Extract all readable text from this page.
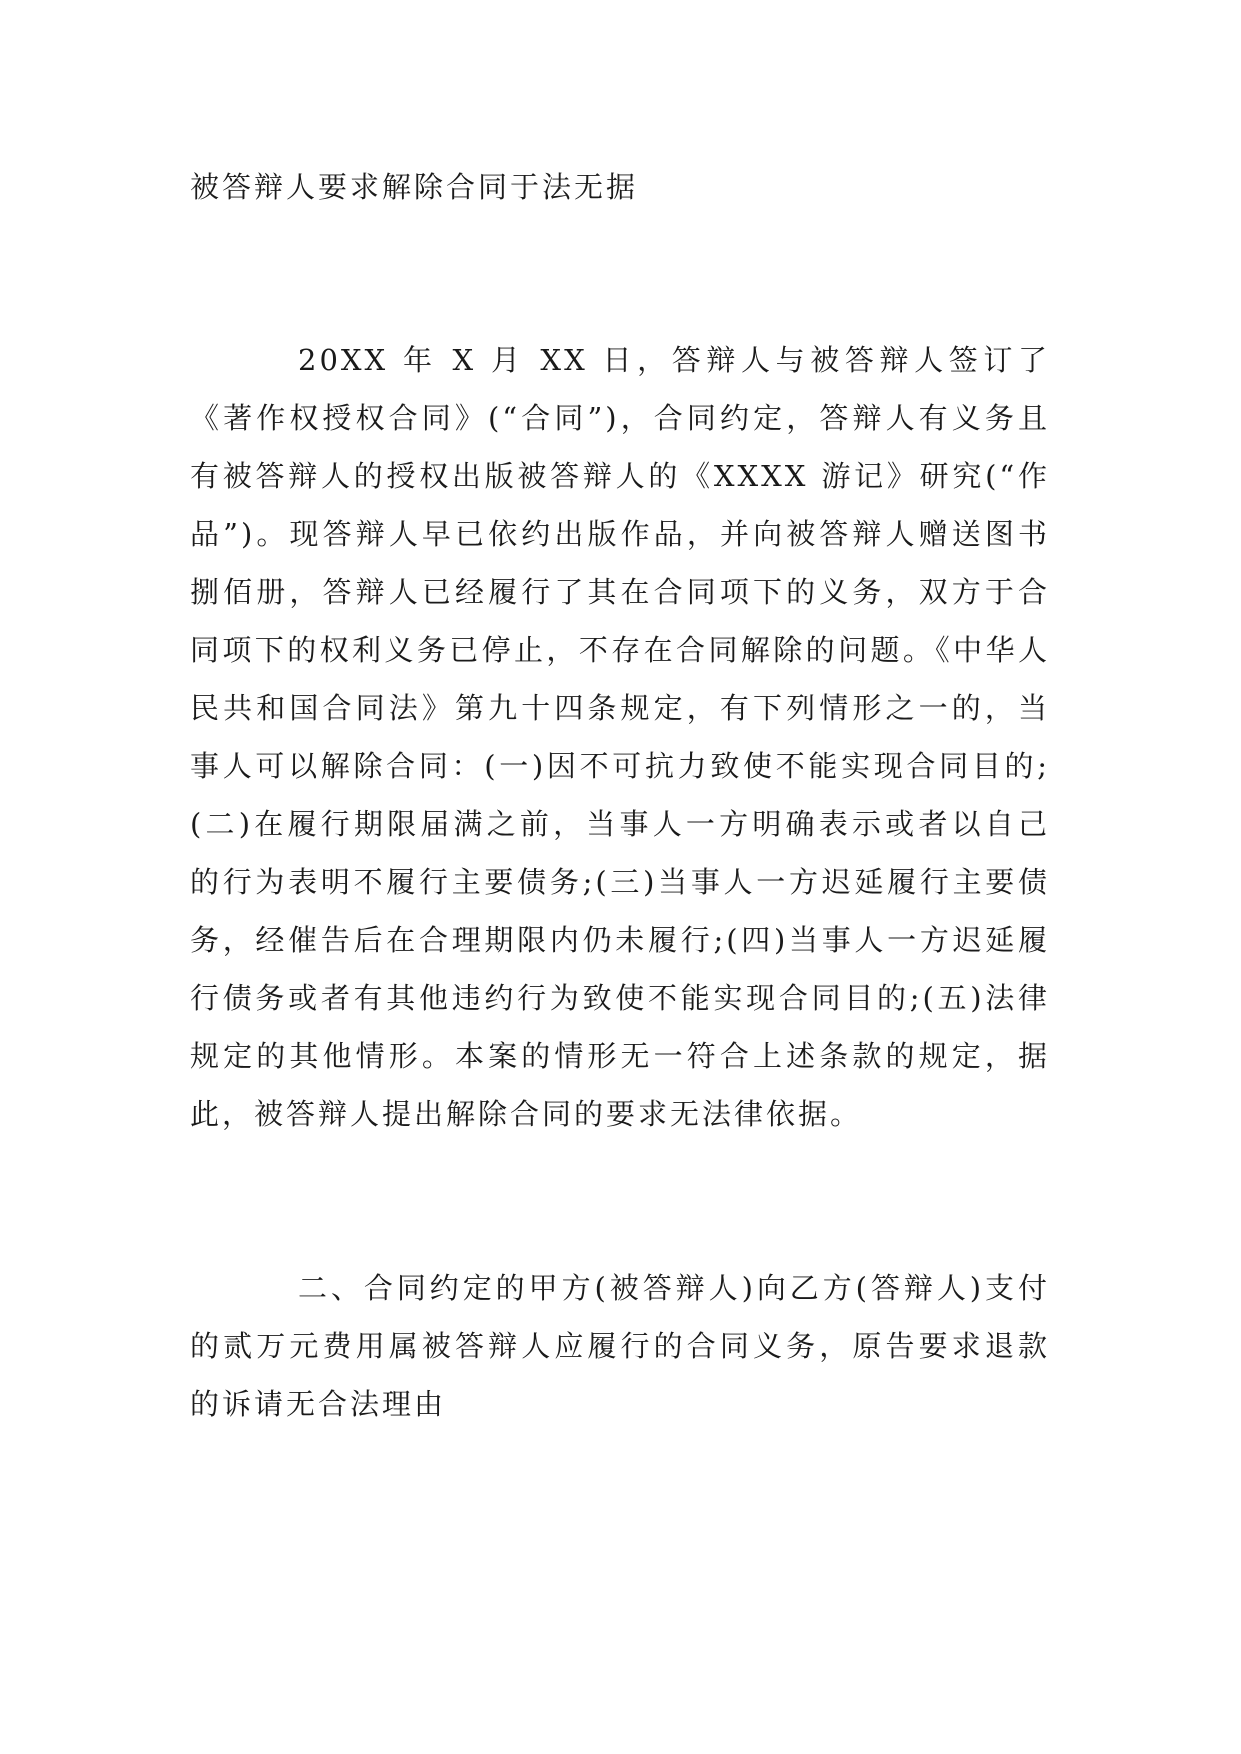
被答辩人要求解除合同于法无据

20XX 年 X 月 XX 日，答辩人与被答辩人签订了《著作权授权合同》(“合同”)，合同约定，答辩人有义务且有被答辩人的授权出版被答辩人的《XXXX 游记》研究(“作品”)。现答辩人早已依约出版作品，并向被答辩人赠送图书捌佰册，答辩人已经履行了其在合同项下的义务，双方于合同项下的权利义务已停止，不存在合同解除的问题。《中华人民共和国合同法》第九十四条规定，有下列情形之一的，当事人可以解除合同：(一)因不可抗力致使不能实现合同目的;(二)在履行期限届满之前，当事人一方明确表示或者以自己的行为表明不履行主要债务;(三)当事人一方迟延履行主要债务，经催告后在合理期限内仍未履行;(四)当事人一方迟延履行债务或者有其他违约行为致使不能实现合同目的;(五)法律规定的其他情形。本案的情形无一符合上述条款的规定，据此，被答辩人提出解除合同的要求无法律依据。

二、合同约定的甲方(被答辩人)向乙方(答辩人)支付的贰万元费用属被答辩人应履行的合同义务，原告要求退款的诉请无合法理由
